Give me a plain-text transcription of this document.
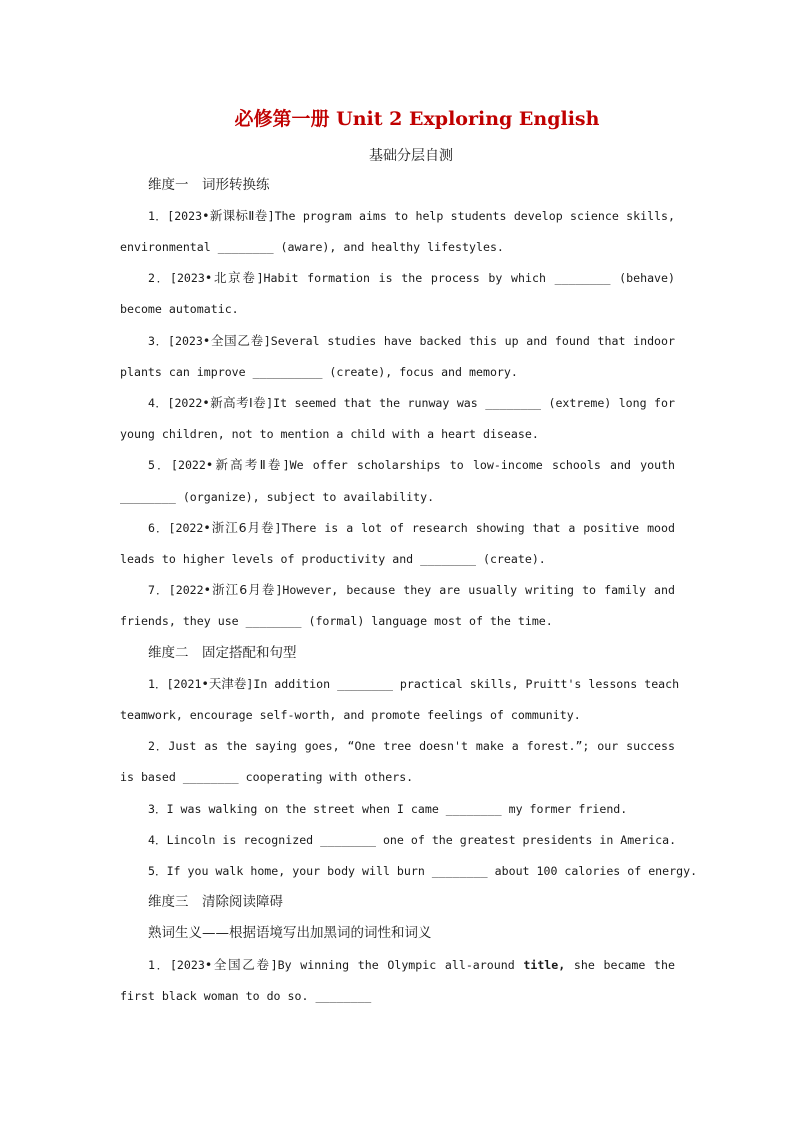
必修第一册 Unit 2 Exploring English
基础分层自测
维度一　词形转换练
1．[2023•新课标Ⅱ卷]The program aims to help students develop science skills,
environmental ________ (aware), and healthy lifestyles.
2．[2023•北京卷]Habit formation is the process by which ________ (behave)
become automatic.
3．[2023•全国乙卷]Several studies have backed this up and found that indoor
plants can improve __________ (create), focus and memory.
4．[2022•新高考Ⅰ卷]It seemed that the runway was ________ (extreme) long for
young children, not to mention a child with a heart disease.
5．[2022•新高考Ⅱ卷]We offer scholarships to low-income schools and youth
________ (organize), subject to availability.
6．[2022•浙江6月卷]There is a lot of research showing that a positive mood
leads to higher levels of productivity and ________ (create).
7．[2022•浙江6月卷]However, because they are usually writing to family and
friends, they use ________ (formal) language most of the time.
维度二　固定搭配和句型
1．[2021•天津卷]In addition ________ practical skills, Pruitt's lessons teach
teamwork, encourage self-worth, and promote feelings of community.
2．Just as the saying goes, “One tree doesn't make a forest.”; our success
is based ________ cooperating with others.
3．I was walking on the street when I came ________ my former friend.
4．Lincoln is recognized ________ one of the greatest presidents in America.
5．If you walk home, your body will burn ________ about 100 calories of energy.
维度三　清除阅读障碍
熟词生义——根据语境写出加黑词的词性和词义
1．[2023•全国乙卷]By winning the Olympic all-around title, she became the
first black woman to do so. ________
